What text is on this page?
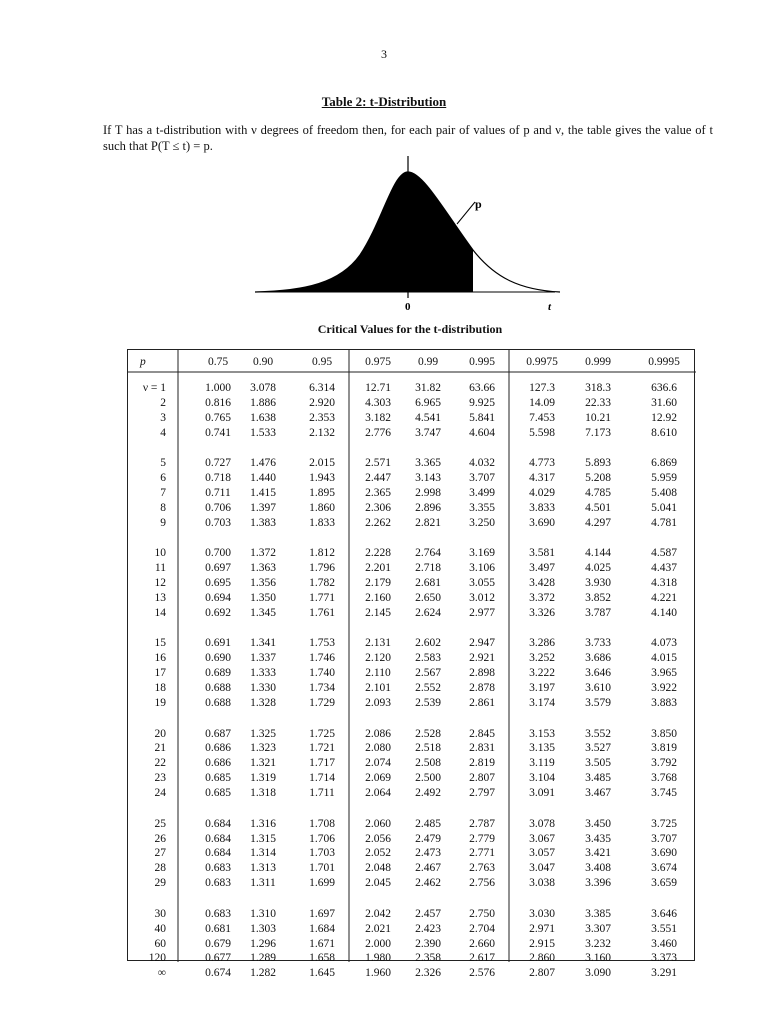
3
Table 2: t-Distribution
If T has a t-distribution with ν degrees of freedom then, for each pair of values of p and ν, the table gives the value of t such that P(T ≤ t) = p.
p
0	t
Critical Values for the t-distribution
p	0.75 0.90	0.95	0.975 0.99	0.995	0.9975 0.999	0.9995
ν = 1	1.000 3.078	6.314	12.71 31.82 63.66	127.3	318.3	636.6
2	0.816 1.886	2.920	4.303 6.965 9.925	14.09	22.33	31.60
3	0.765 1.638	2.353	3.182 4.541 5.841	7.453	10.21	12.92
4	0.741 1.533	2.132	2.776 3.747 4.604	5.598	7.173	8.610
5	0.727 1.476	2.015	2.571 3.365 4.032	4.773	5.893	6.869
6	0.718 1.440	1.943	2.447 3.143 3.707	4.317	5.208	5.959
7	0.711 1.415	1.895	2.365 2.998 3.499	4.029	4.785	5.408
8	0.706 1.397	1.860	2.306 2.896 3.355	3.833	4.501	5.041
9	0.703 1.383	1.833	2.262 2.821 3.250	3.690	4.297	4.781
10	0.700 1.372	1.812	2.228 2.764 3.169	3.581	4.144	4.587
11	0.697 1.363	1.796	2.201 2.718 3.106	3.497	4.025	4.437
12	0.695 1.356	1.782	2.179 2.681 3.055	3.428	3.930	4.318
13	0.694 1.350	1.771	2.160 2.650 3.012	3.372	3.852	4.221
14	0.692 1.345	1.761	2.145 2.624 2.977	3.326	3.787	4.140
15	0.691 1.341	1.753	2.131 2.602 2.947	3.286	3.733	4.073
16	0.690 1.337	1.746	2.120 2.583 2.921	3.252	3.686	4.015
17	0.689 1.333	1.740	2.110 2.567 2.898	3.222	3.646	3.965
18	0.688 1.330	1.734	2.101 2.552 2.878	3.197	3.610	3.922
19	0.688 1.328	1.729	2.093 2.539 2.861	3.174	3.579	3.883
20	0.687 1.325	1.725	2.086 2.528 2.845	3.153	3.552	3.850
21	0.686 1.323	1.721	2.080 2.518 2.831	3.135	3.527	3.819
22	0.686 1.321	1.717	2.074 2.508 2.819	3.119	3.505	3.792
23	0.685 1.319	1.714	2.069 2.500 2.807	3.104	3.485	3.768
24	0.685 1.318	1.711	2.064 2.492 2.797	3.091	3.467	3.745
25	0.684 1.316	1.708	2.060 2.485 2.787	3.078	3.450	3.725
26	0.684 1.315	1.706	2.056 2.479 2.779	3.067	3.435	3.707
27	0.684 1.314	1.703	2.052 2.473 2.771	3.057	3.421	3.690
28	0.683 1.313	1.701	2.048 2.467 2.763	3.047	3.408	3.674
29	0.683 1.311	1.699	2.045 2.462 2.756	3.038	3.396	3.659
30	0.683 1.310	1.697	2.042 2.457 2.750	3.030	3.385	3.646
40	0.681 1.303	1.684	2.021 2.423 2.704	2.971	3.307	3.551
60	0.679 1.296	1.671	2.000 2.390 2.660	2.915	3.232	3.460
120	0.677 1.289	1.658	1.980 2.358 2.617	2.860	3.160	3.373
∞	0.674 1.282	1.645	1.960 2.326 2.576	2.807	3.090	3.291
